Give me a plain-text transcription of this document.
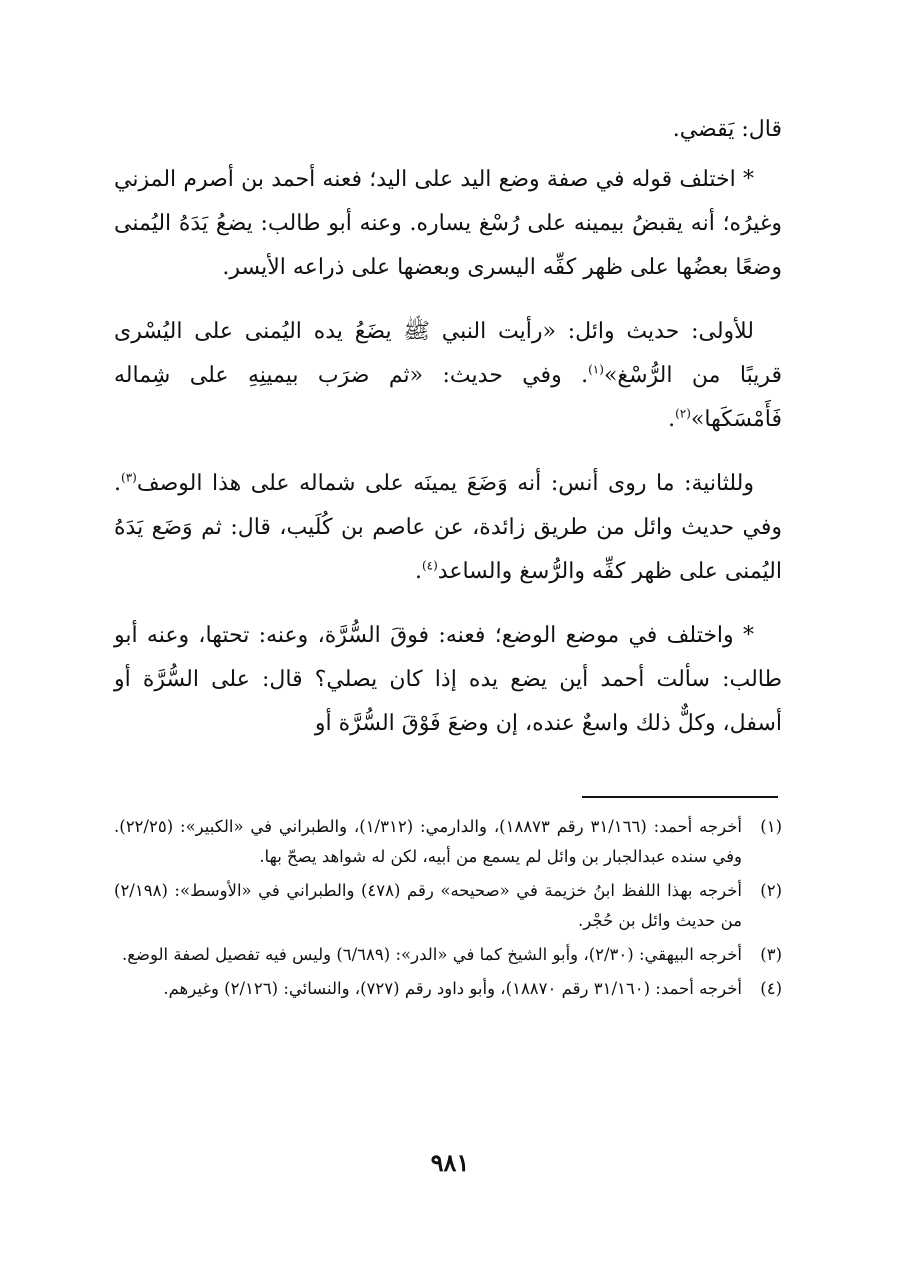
قال: يَقضي.

* اختلف قوله في صفة وضع اليد على اليد؛ فعنه أحمد بن أصرم المزني وغيرُه؛ أنه يقبضُ بيمينه على رُسْغ يساره. وعنه أبو طالب: يضعُ يَدَهُ اليُمنى وضعًا بعضُها على ظهر كفِّه اليسرى وبعضها على ذراعه الأيسر.

للأولى: حديث وائل: «رأيت النبي ﷺ يضَعُ يده اليُمنى على اليُسْرى قريبًا من الرُّسْغ»$^{(١)}$. وفي حديث: «ثم ضرَب بيمينِهِ على شِماله فَأَمْسَكَها»$^{(٢)}$.

وللثانية: ما روى أنس: أنه وَضَعَ يمينَه على شماله على هذا الوصف$^{(٣)}$. وفي حديث وائل من طريق زائدة، عن عاصم بن كُلَيب، قال: ثم وَضَع يَدَهُ اليُمنى على ظهر كفِّه والرُّسغ والساعد$^{(٤)}$.

* واختلف في موضع الوضع؛ فعنه: فوقَ السُّرَّة، وعنه: تحتها، وعنه أبو طالب: سألت أحمد أين يضع يده إذا كان يصلي؟ قال: على السُّرَّة أو أسفل، وكلٌّ ذلك واسعٌ عنده، إن وضعَ فَوْقَ السُّرَّة أو

(١)
أخرجه أحمد: (٣١/١٦٦ رقم ١٨٨٧٣)، والدارمي: (١/٣١٢)، والطبراني في «الكبير»: (٢٢/٢٥). وفي سنده عبدالجبار بن وائل لم يسمع من أبيه، لكن له شواهد يصحّ بها.
(٢)
أخرجه بهذا اللفظ ابنُ خزيمة في «صحيحه» رقم (٤٧٨) والطبراني في «الأوسط»: (٢/١٩٨) من حديث وائل بن حُجْر.
(٣)
أخرجه البيهقي: (٢/٣٠)، وأبو الشيخ كما في «الدر»: (٦/٦٨٩) وليس فيه تفصيل لصفة الوضع.
(٤)
أخرجه أحمد: (٣١/١٦٠ رقم ١٨٨٧٠)، وأبو داود رقم (٧٢٧)، والنسائي: (٢/١٢٦) وغيرهم.
٩٨١
